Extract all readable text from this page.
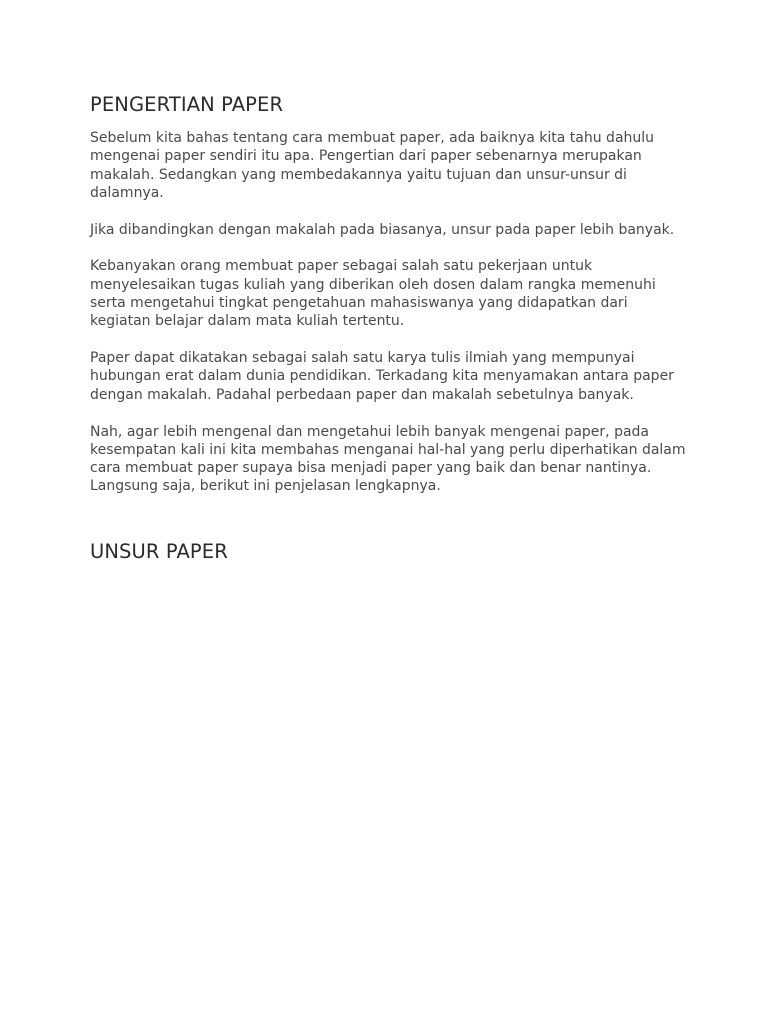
PENGERTIAN PAPER

Sebelum kita bahas tentang cara membuat paper, ada baiknya kita tahu dahulu mengenai paper sendiri itu apa. Pengertian dari paper sebenarnya merupakan makalah. Sedangkan yang membedakannya yaitu tujuan dan unsur-unsur di dalamnya.

Jika dibandingkan dengan makalah pada biasanya, unsur pada paper lebih banyak.

Kebanyakan orang membuat paper sebagai salah satu pekerjaan untuk menyelesaikan tugas kuliah yang diberikan oleh dosen dalam rangka memenuhi serta mengetahui tingkat pengetahuan mahasiswanya yang didapatkan dari kegiatan belajar dalam mata kuliah tertentu.

Paper dapat dikatakan sebagai salah satu karya tulis ilmiah yang mempunyai hubungan erat dalam dunia pendidikan. Terkadang kita menyamakan antara paper dengan makalah. Padahal perbedaan paper dan makalah sebetulnya banyak.

Nah, agar lebih mengenal dan mengetahui lebih banyak mengenai paper, pada kesempatan kali ini kita membahas menganai hal-hal yang perlu diperhatikan dalam cara membuat paper supaya bisa menjadi paper yang baik dan benar nantinya. Langsung saja, berikut ini penjelasan lengkapnya.

UNSUR PAPER
